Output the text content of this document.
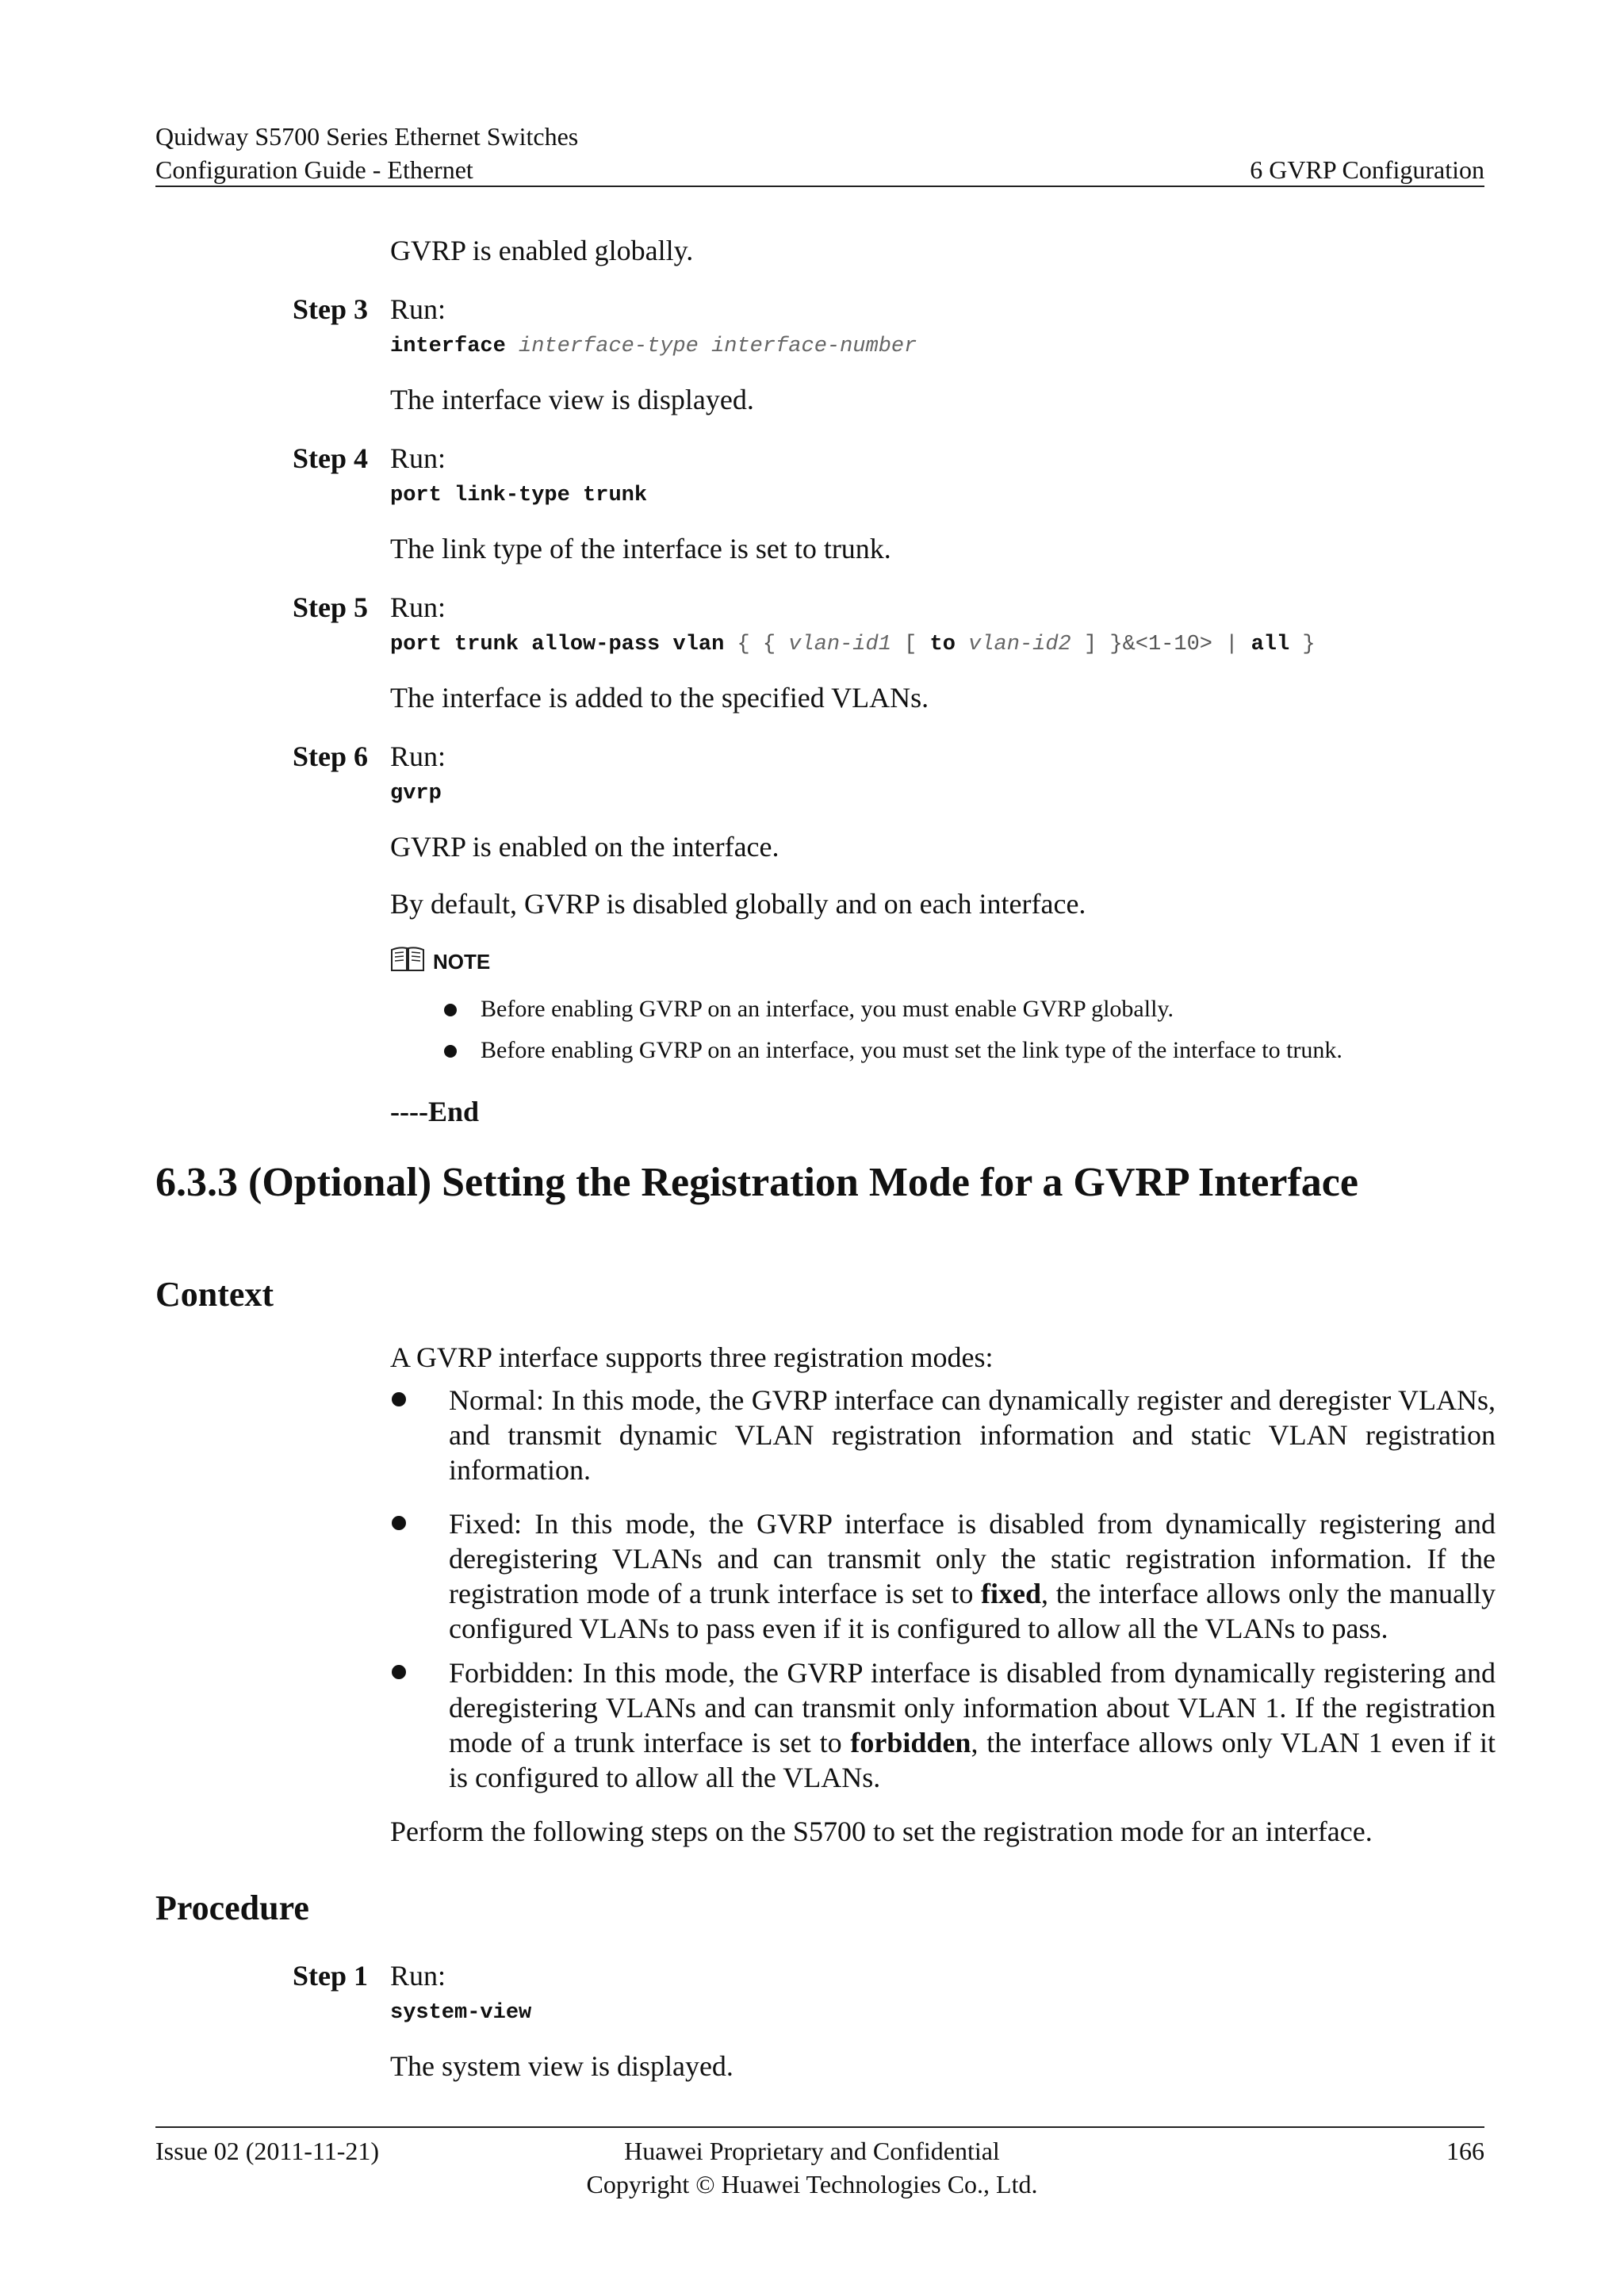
Quidway S5700 Series Ethernet Switches
Configuration Guide - Ethernet	6 GVRP Configuration
GVRP is enabled globally.
Step 3 Run:
interface interface-type interface-number
The interface view is displayed.
Step 4 Run:
port link-type trunk
The link type of the interface is set to trunk.
Step 5 Run:
port trunk allow-pass vlan { { vlan-id1 [ to vlan-id2 ] }&<1-10> | all }
The interface is added to the specified VLANs.
Step 6 Run:
gvrp
GVRP is enabled on the interface.
By default, GVRP is disabled globally and on each interface.
NOTE
Before enabling GVRP on an interface, you must enable GVRP globally.
Before enabling GVRP on an interface, you must set the link type of the interface to trunk.
----End
6.3.3 (Optional) Setting the Registration Mode for a GVRP Interface
Context
A GVRP interface supports three registration modes:
Normal: In this mode, the GVRP interface can dynamically register and deregister VLANs, and transmit dynamic VLAN registration information and static VLAN registration information.
Fixed: In this mode, the GVRP interface is disabled from dynamically registering and deregistering VLANs and can transmit only the static registration information. If the registration mode of a trunk interface is set to fixed, the interface allows only the manually configured VLANs to pass even if it is configured to allow all the VLANs to pass.
Forbidden: In this mode, the GVRP interface is disabled from dynamically registering and deregistering VLANs and can transmit only information about VLAN 1. If the registration mode of a trunk interface is set to forbidden, the interface allows only VLAN 1 even if it is configured to allow all the VLANs.
Perform the following steps on the S5700 to set the registration mode for an interface.
Procedure
Step 1 Run:
system-view
The system view is displayed.
Issue 02 (2011-11-21)	Huawei Proprietary and Confidential
Copyright © Huawei Technologies Co., Ltd.
166
